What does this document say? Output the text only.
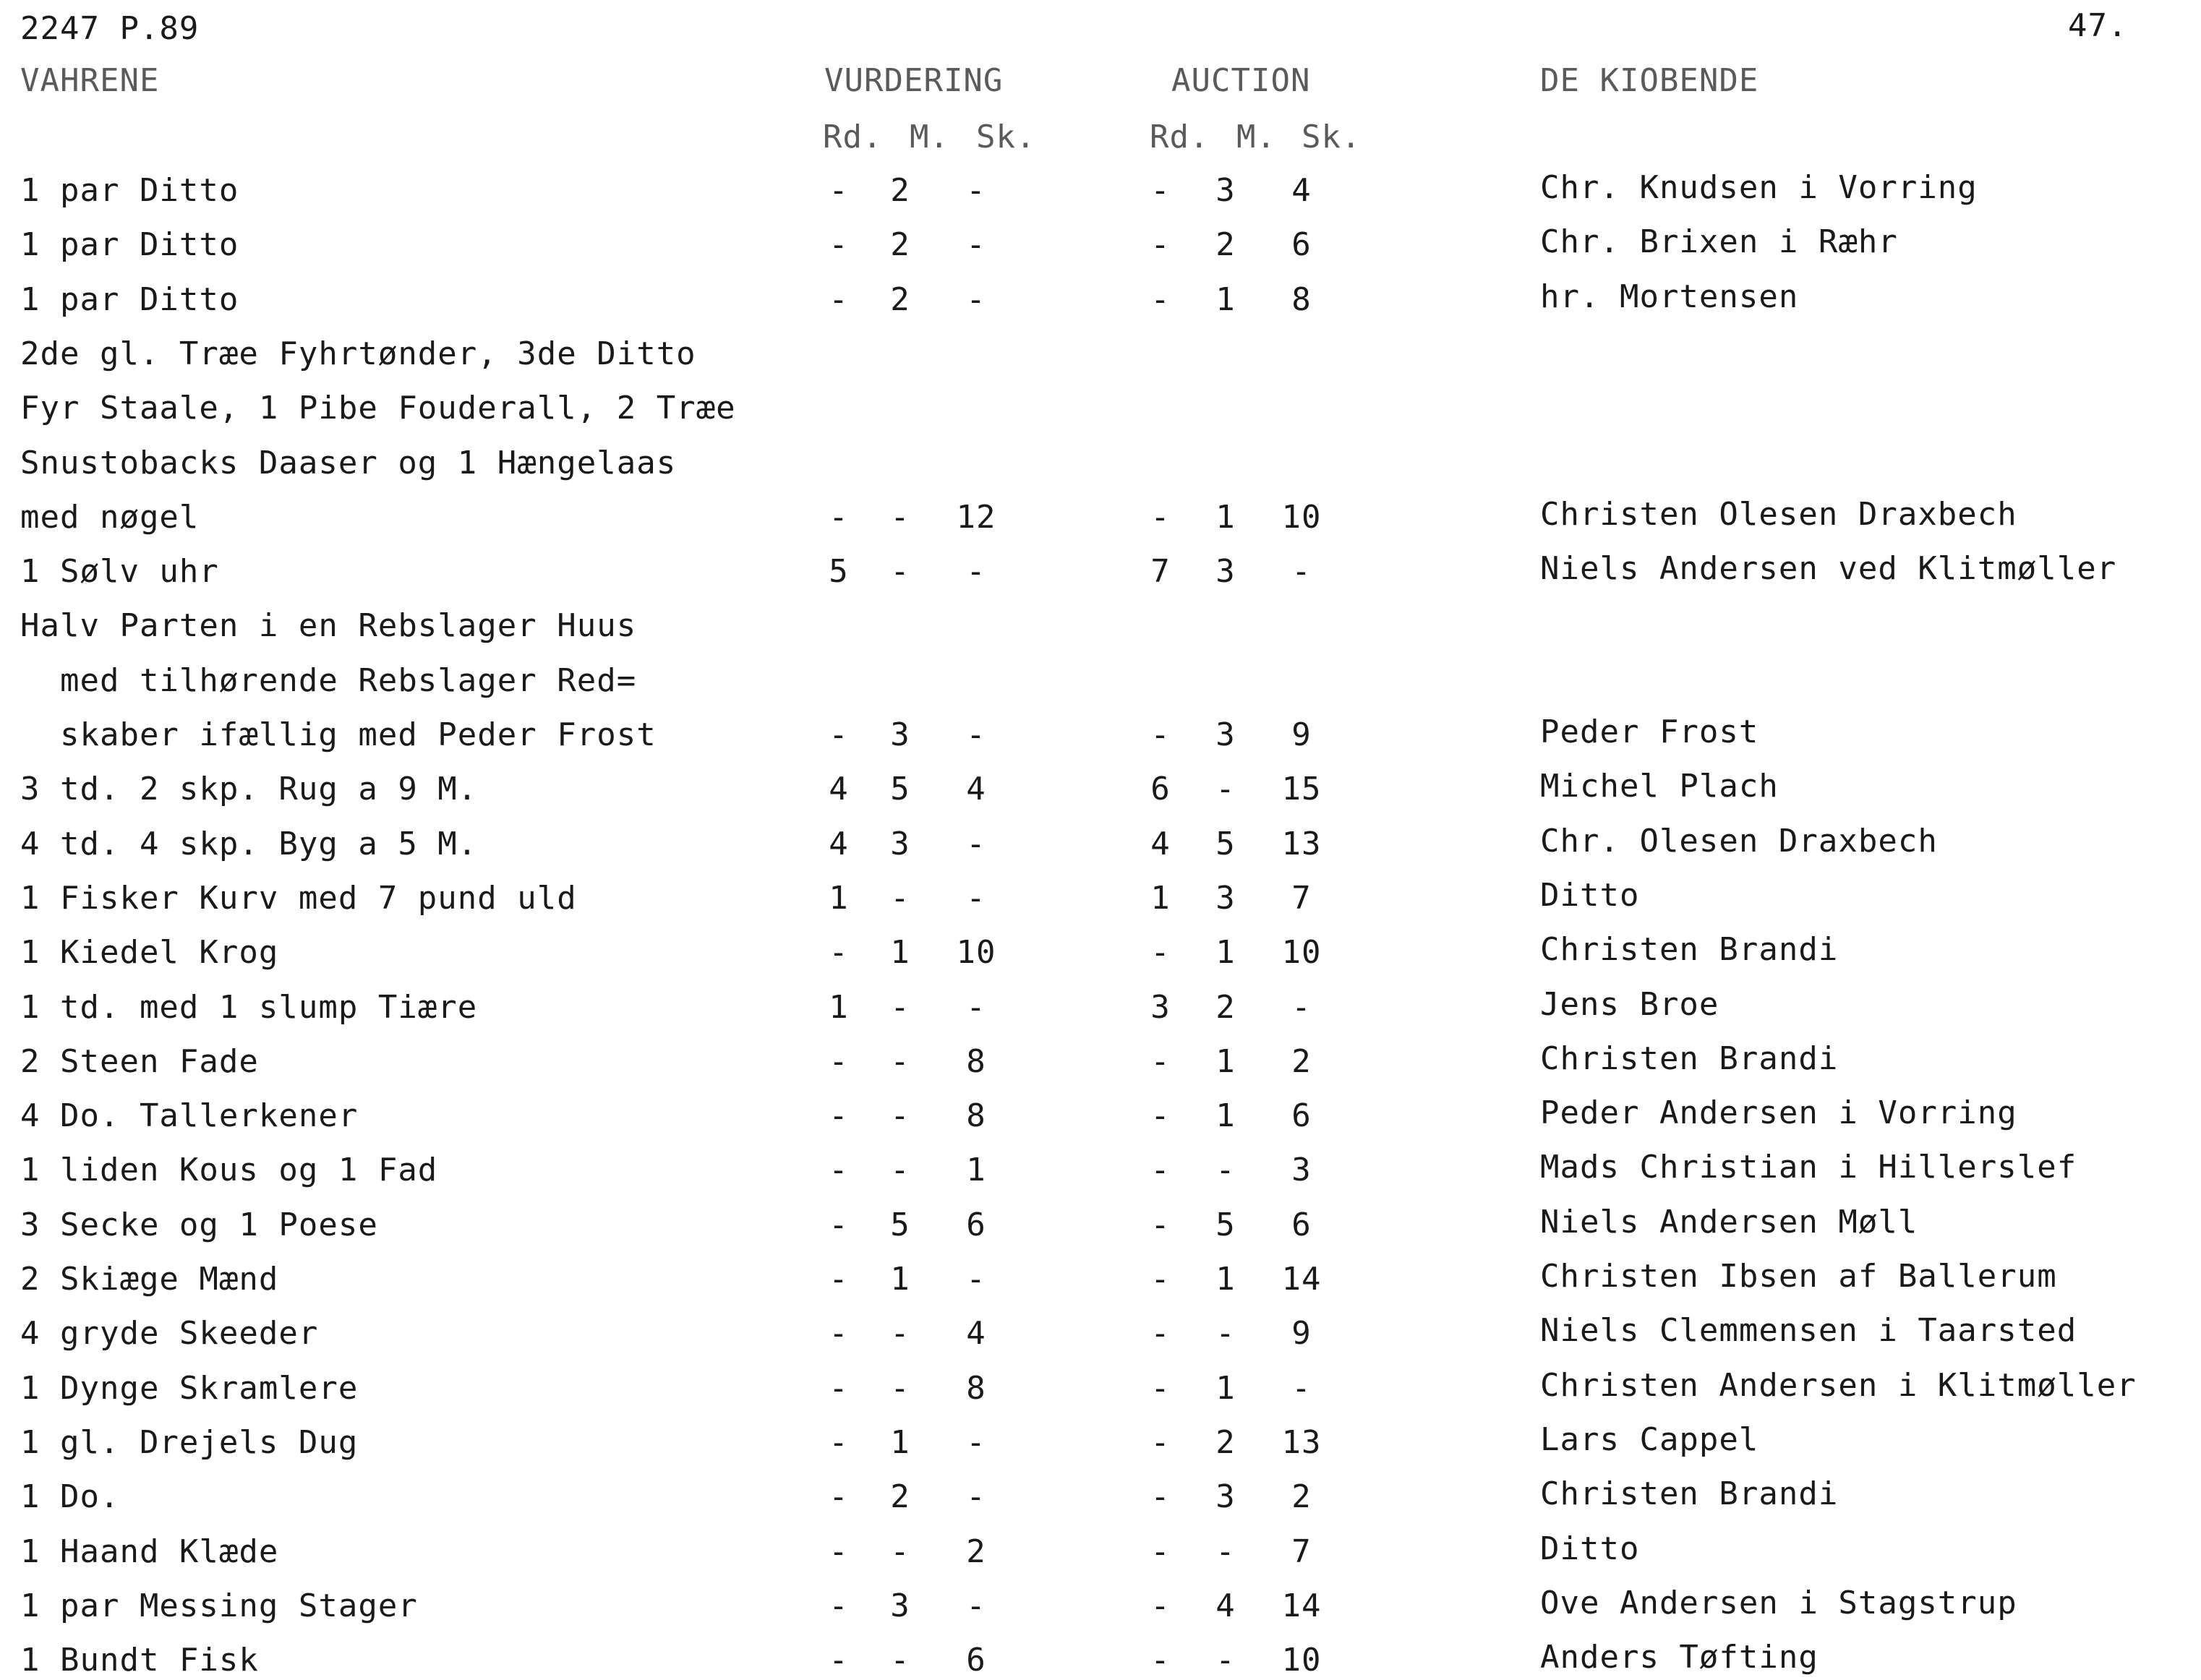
2247 P.89	47.
VAHRENE	VURDERING	AUCTION	DE KIOBENDE
Rd. M. Sk.	Rd. M. Sk.
1 par Ditto	-	2	-	-	3	4	Chr. Knudsen i Vorring
1 par Ditto	-	2	-	-	2	6	Chr. Brixen i Ræhr
1 par Ditto	-	2	-	-	1	8	hr. Mortensen
2de gl. Træe Fyhrtønder, 3de Ditto
Fyr Staale, 1 Pibe Fouderall, 2 Træe
Snustobacks Daaser og 1 Hængelaas
med nøgel	-	-	12	-	1	10	Christen Olesen Draxbech
1 Sølv uhr	5	-	-	7	3	-	Niels Andersen ved Klitmøller
Halv Parten i en Rebslager Huus
med tilhørende Rebslager Red=
skaber ifællig med Peder Frost	-	3	-	-	3	9	Peder Frost
3 td. 2 skp. Rug a 9 M.	4	5	4	6	-	15	Michel Plach
4 td. 4 skp. Byg a 5 M.	4	3	-	4	5	13	Chr. Olesen Draxbech
1 Fisker Kurv med 7 pund uld	1	-	-	1	3	7	Ditto
1 Kiedel Krog	-	1	10	-	1	10	Christen Brandi
1 td. med 1 slump Tiære	1	-	-	3	2	-	Jens Broe
2 Steen Fade	-	-	8	-	1	2	Christen Brandi
4 Do. Tallerkener	-	-	8	-	1	6	Peder Andersen i Vorring
1 liden Kous og 1 Fad	-	-	1	-	-	3	Mads Christian i Hillerslef
3 Secke og 1 Poese	-	5	6	-	5	6	Niels Andersen Møll
2 Skiæge Mænd	-	1	-	-	1	14	Christen Ibsen af Ballerum
4 gryde Skeeder	-	-	4	-	-	9	Niels Clemmensen i Taarsted
1 Dynge Skramlere	-	-	8	-	1	-	Christen Andersen i Klitmøller
1 gl. Drejels Dug	-	1	-	-	2	13	Lars Cappel
1 Do.	-	2	-	-	3	2	Christen Brandi
1 Haand Klæde	-	-	2	-	-	7	Ditto
1 par Messing Stager	-	3	-	-	4	14	Ove Andersen i Stagstrup
1 Bundt Fisk	-	-	6	-	-	10	Anders Tøfting
